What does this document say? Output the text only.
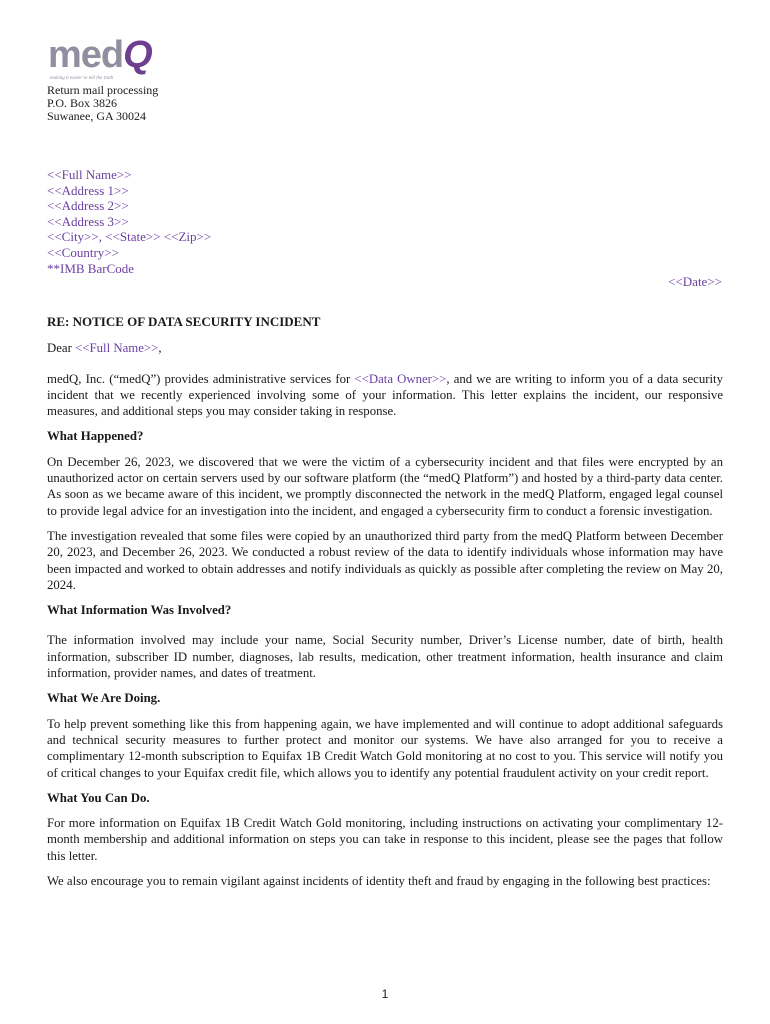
medQ
making it easier to tell the truth
Return mail processing
P.O. Box 3826
Suwanee, GA 30024
<<Full Name>>
<<Address 1>>
<<Address 2>>
<<Address 3>>
<<City>>, <<State>> <<Zip>>
<<Country>>
**IMB BarCode
<<Date>>
RE: NOTICE OF DATA SECURITY INCIDENT

Dear <<Full Name>>,

medQ, Inc. (“medQ”) provides administrative services for <<Data Owner>>, and we are writing to inform you of a data security incident that we recently experienced involving some of your information. This letter explains the incident, our responsive measures, and additional steps you may consider taking in response.

What Happened?

On December 26, 2023, we discovered that we were the victim of a cybersecurity incident and that files were encrypted by an unauthorized actor on certain servers used by our software platform (the “medQ Platform”) and hosted by a third-party data center. As soon as we became aware of this incident, we promptly disconnected the network in the medQ Platform, engaged legal counsel to provide legal advice for an investigation into the incident, and engaged a cybersecurity firm to conduct a forensic investigation.

The investigation revealed that some files were copied by an unauthorized third party from the medQ Platform between December 20, 2023, and December 26, 2023. We conducted a robust review of the data to identify individuals whose information may have been impacted and worked to obtain addresses and notify individuals as quickly as possible after completing the review on May 20, 2024.

What Information Was Involved?

The information involved may include your name, Social Security number, Driver’s License number, date of birth, health information, subscriber ID number, diagnoses, lab results, medication, other treatment information, health insurance and claim information, provider names, and dates of treatment.

What We Are Doing.

To help prevent something like this from happening again, we have implemented and will continue to adopt additional safeguards and technical security measures to further protect and monitor our systems. We have also arranged for you to receive a complimentary 12-month subscription to Equifax 1B Credit Watch Gold monitoring at no cost to you. This service will notify you of critical changes to your Equifax credit file, which allows you to identify any potential fraudulent activity on your credit report.

What You Can Do.

For more information on Equifax 1B Credit Watch Gold monitoring, including instructions on activating your complimentary 12-month membership and additional information on steps you can take in response to this incident, please see the pages that follow this letter.

We also encourage you to remain vigilant against incidents of identity theft and fraud by engaging in the following best practices:

1
